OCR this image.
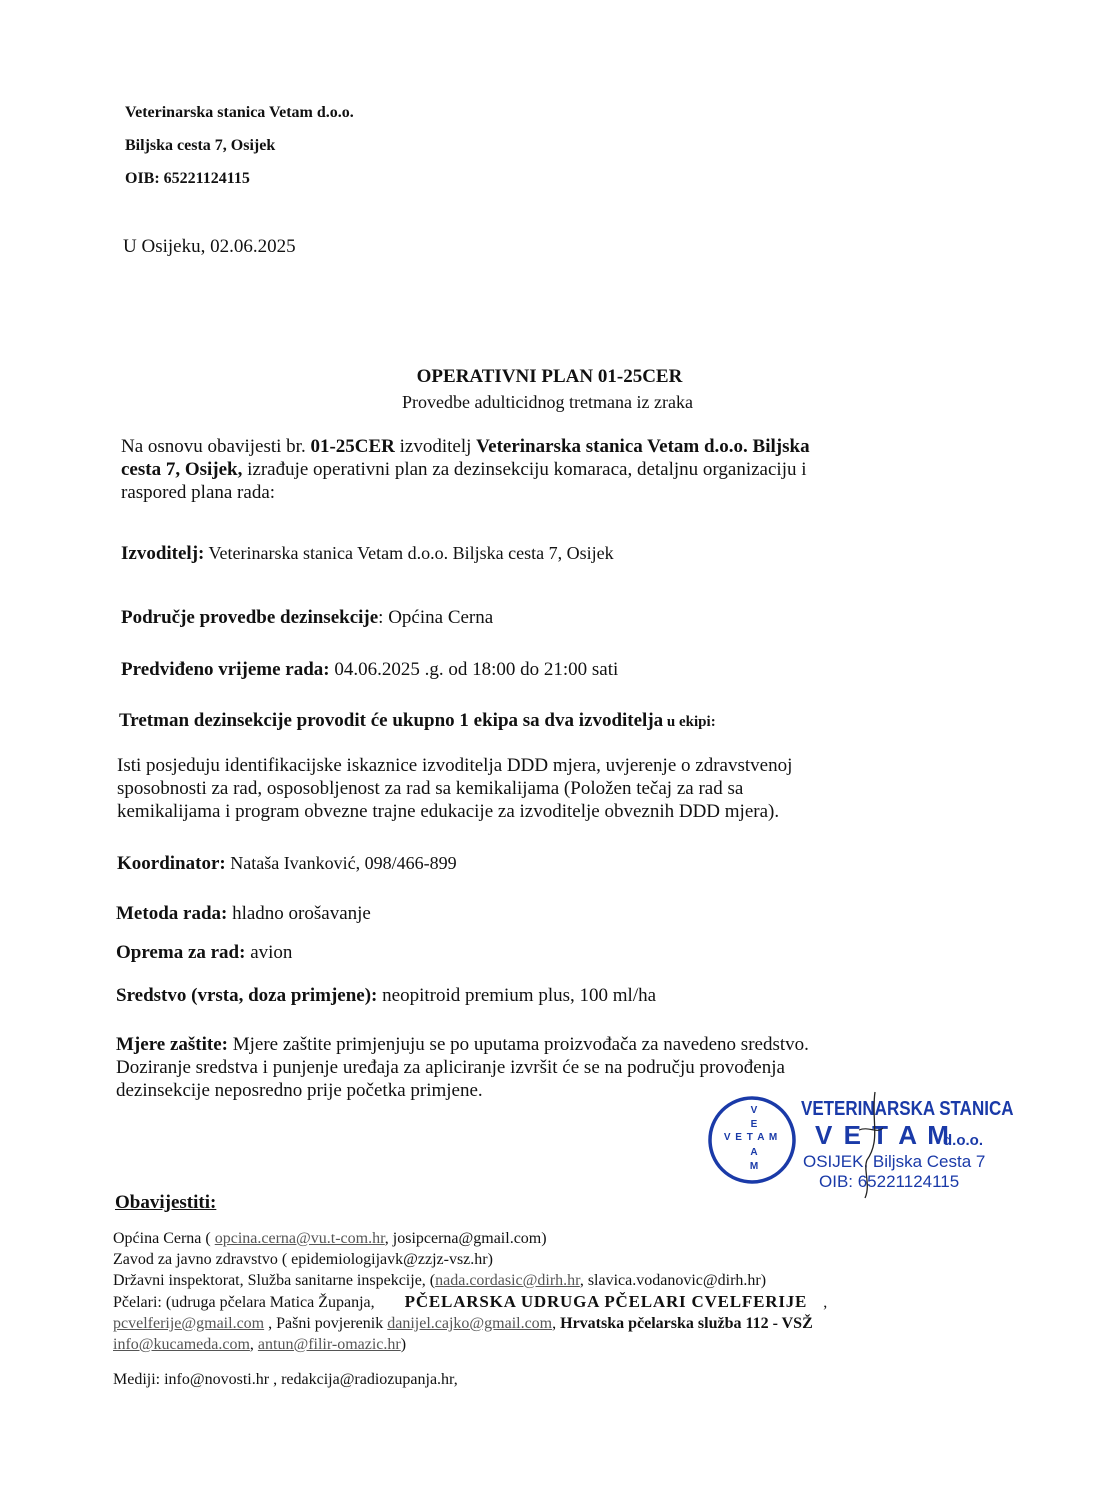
Veterinarska stanica Vetam d.o.o.
Biljska cesta 7, Osijek
OIB: 65221124115
U Osijeku, 02.06.2025
OPERATIVNI PLAN 01-25CER
Provedbe adulticidnog tretmana iz zraka
Na osnovu obavijesti br. 01-25CER izvoditelj Veterinarska stanica Vetam d.o.o. Biljska
cesta 7, Osijek, izrađuje operativni plan za dezinsekciju komaraca, detaljnu organizaciju i
raspored plana rada:
Izvoditelj: Veterinarska stanica Vetam d.o.o. Biljska cesta 7, Osijek
Područje provedbe dezinsekcije: Općina Cerna
Predviđeno vrijeme rada: 04.06.2025 .g. od 18:00 do 21:00 sati
Tretman dezinsekcije provodit će ukupno 1 ekipa sa dva izvoditelja u ekipi:
Isti posjeduju identifikacijske iskaznice izvoditelja DDD mjera, uvjerenje o zdravstvenoj
sposobnosti za rad, osposobljenost za rad sa kemikalijama (Položen tečaj za rad sa
kemikalijama i program obvezne trajne edukacije za izvoditelje obveznih DDD mjera).
Koordinator: Nataša Ivanković, 098/466-899
Metoda rada: hladno orošavanje
Oprema za rad: avion
Sredstvo (vrsta, doza primjene): neopitroid premium plus, 100 ml/ha
Mjere zaštite: Mjere zaštite primjenjuju se po uputama proizvođača za navedeno sredstvo.
Doziranje sredstva i punjenje uređaja za apliciranje izvršit će se na području provođenja
dezinsekcije neposredno prije početka primjene.
V
E
A
M
V E T A M
VETERINARSKA STANICA
V E T A M
d.o.o.
OSIJEK, Biljska Cesta 7
OIB: 65221124115
Obavijestiti:
Općina Cerna ( opcina.cerna@vu.t-com.hr, josipcerna@gmail.com)
Zavod za javno zdravstvo ( epidemiologijavk@zzjz-vsz.hr)
Državni inspektorat, Služba sanitarne inspekcije, (nada.cordasic@dirh.hr, slavica.vodanovic@dirh.hr)
Pčelari: (udruga pčelara Matica Županja, PČELARSKA UDRUGA PČELARI CVELFERIJE ,
pcvelferije@gmail.com , Pašni povjerenik danijel.cajko@gmail.com, Hrvatska pčelarska služba 112 - VSŽ
info@kucameda.com, antun@filir-omazic.hr)
Mediji: info@novosti.hr , redakcija@radiozupanja.hr,
